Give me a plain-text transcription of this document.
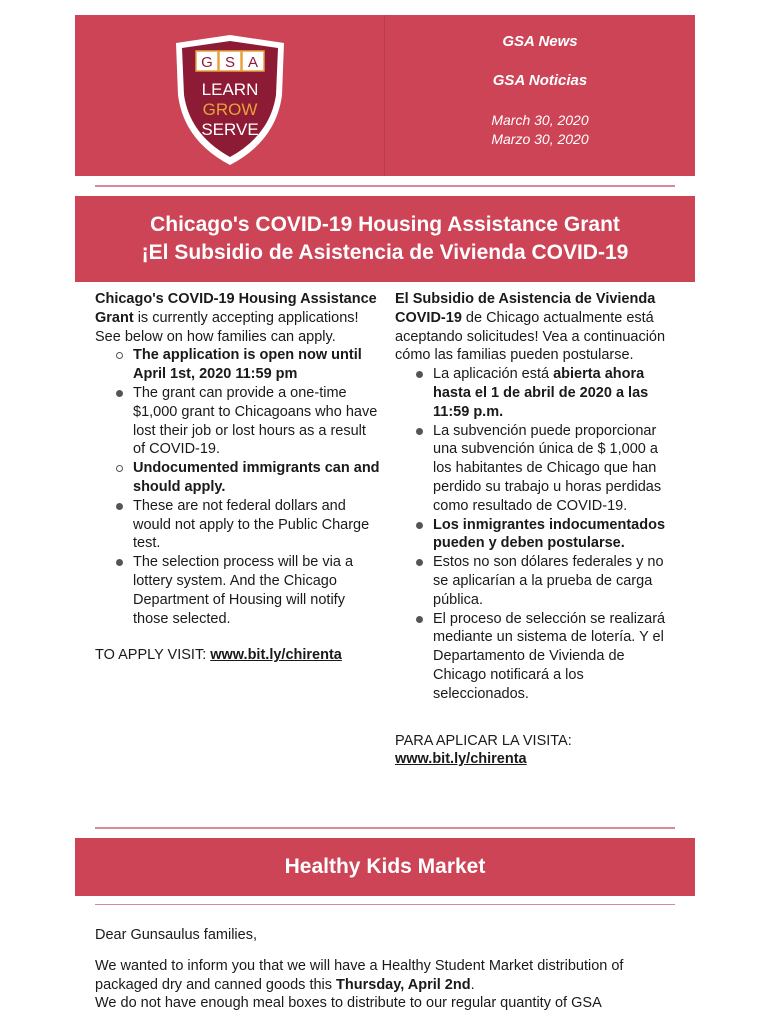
G S A
LEARN
GROW
SERVE
GSA News
GSA Noticias
March 30, 2020
Marzo 30, 2020
Chicago's COVID-19 Housing Assistance Grant
¡El Subsidio de Asistencia de Vivienda COVID-19

Chicago's COVID-19 Housing Assistance Grant is currently accepting applications! See below on how families can apply.

The application is open now until April 1st, 2020 11:59 pm
The grant can provide a one-time $1,000 grant to Chicagoans who have lost their job or lost hours as a result of COVID-19.
Undocumented immigrants can and should apply.
These are not federal dollars and would not apply to the Public Charge test.
The selection process will be via a lottery system. And the Chicago Department of Housing will notify those selected.

TO APPLY VISIT: www.bit.ly/chirenta

El Subsidio de Asistencia de Vivienda COVID-19 de Chicago actualmente está aceptando solicitudes! Vea a continuación cómo las familias pueden postularse.

La aplicación está abierta ahora hasta el 1 de abril de 2020 a las 11:59 p.m.
La subvención puede proporcionar una subvención única de $ 1,000 a los habitantes de Chicago que han perdido su trabajo u horas perdidas como resultado de COVID-19.
Los inmigrantes indocumentados pueden y deben postularse.
Estos no son dólares federales y no se aplicarían a la prueba de carga pública.
El proceso de selección se realizará mediante un sistema de lotería. Y el Departamento de Vivienda de Chicago notificará a los seleccionados.

PARA APLICAR LA VISITA:

www.bit.ly/chirenta

Healthy Kids Market

Dear Gunsaulus families,

We wanted to inform you that we will have a Healthy Student Market distribution of packaged dry and canned goods this Thursday, April 2nd.

We do not have enough meal boxes to distribute to our regular quantity of GSA
